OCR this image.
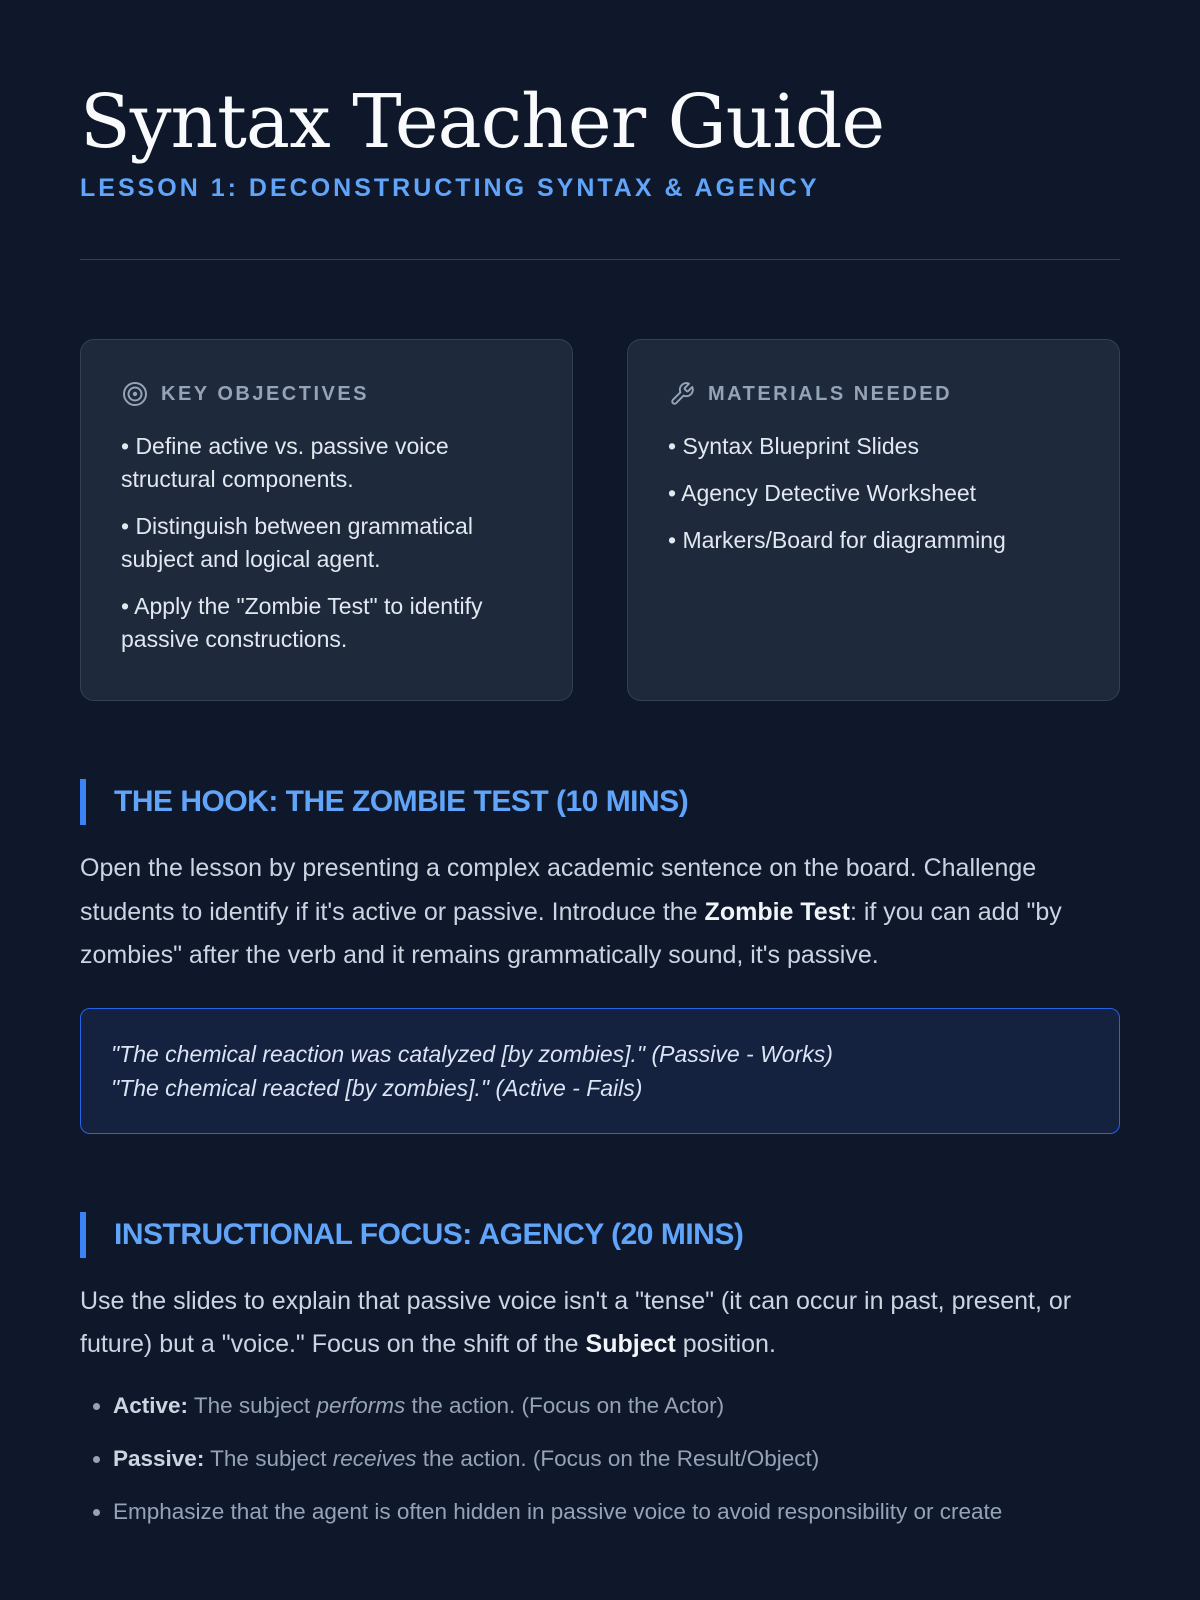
Syntax Teacher Guide
LESSON 1: DECONSTRUCTING SYNTAX & AGENCY
KEY OBJECTIVES
• Define active vs. passive voice structural components.
• Distinguish between grammatical subject and logical agent.
• Apply the "Zombie Test" to identify passive constructions.
MATERIALS NEEDED
• Syntax Blueprint Slides
• Agency Detective Worksheet
• Markers/Board for diagramming
THE HOOK: THE ZOMBIE TEST (10 MINS)
Open the lesson by presenting a complex academic sentence on the board. Challenge students to identify if it's active or passive. Introduce the Zombie Test: if you can add "by zombies" after the verb and it remains grammatically sound, it's passive.
"The chemical reaction was catalyzed [by zombies]." (Passive - Works)
"The chemical reacted [by zombies]." (Active - Fails)
INSTRUCTIONAL FOCUS: AGENCY (20 MINS)
Use the slides to explain that passive voice isn't a "tense" (it can occur in past, present, or future) but a "voice." Focus on the shift of the Subject position.
• Active: The subject performs the action. (Focus on the Actor)
• Passive: The subject receives the action. (Focus on the Result/Object)
• Emphasize that the agent is often hidden in passive voice to avoid responsibility or create
